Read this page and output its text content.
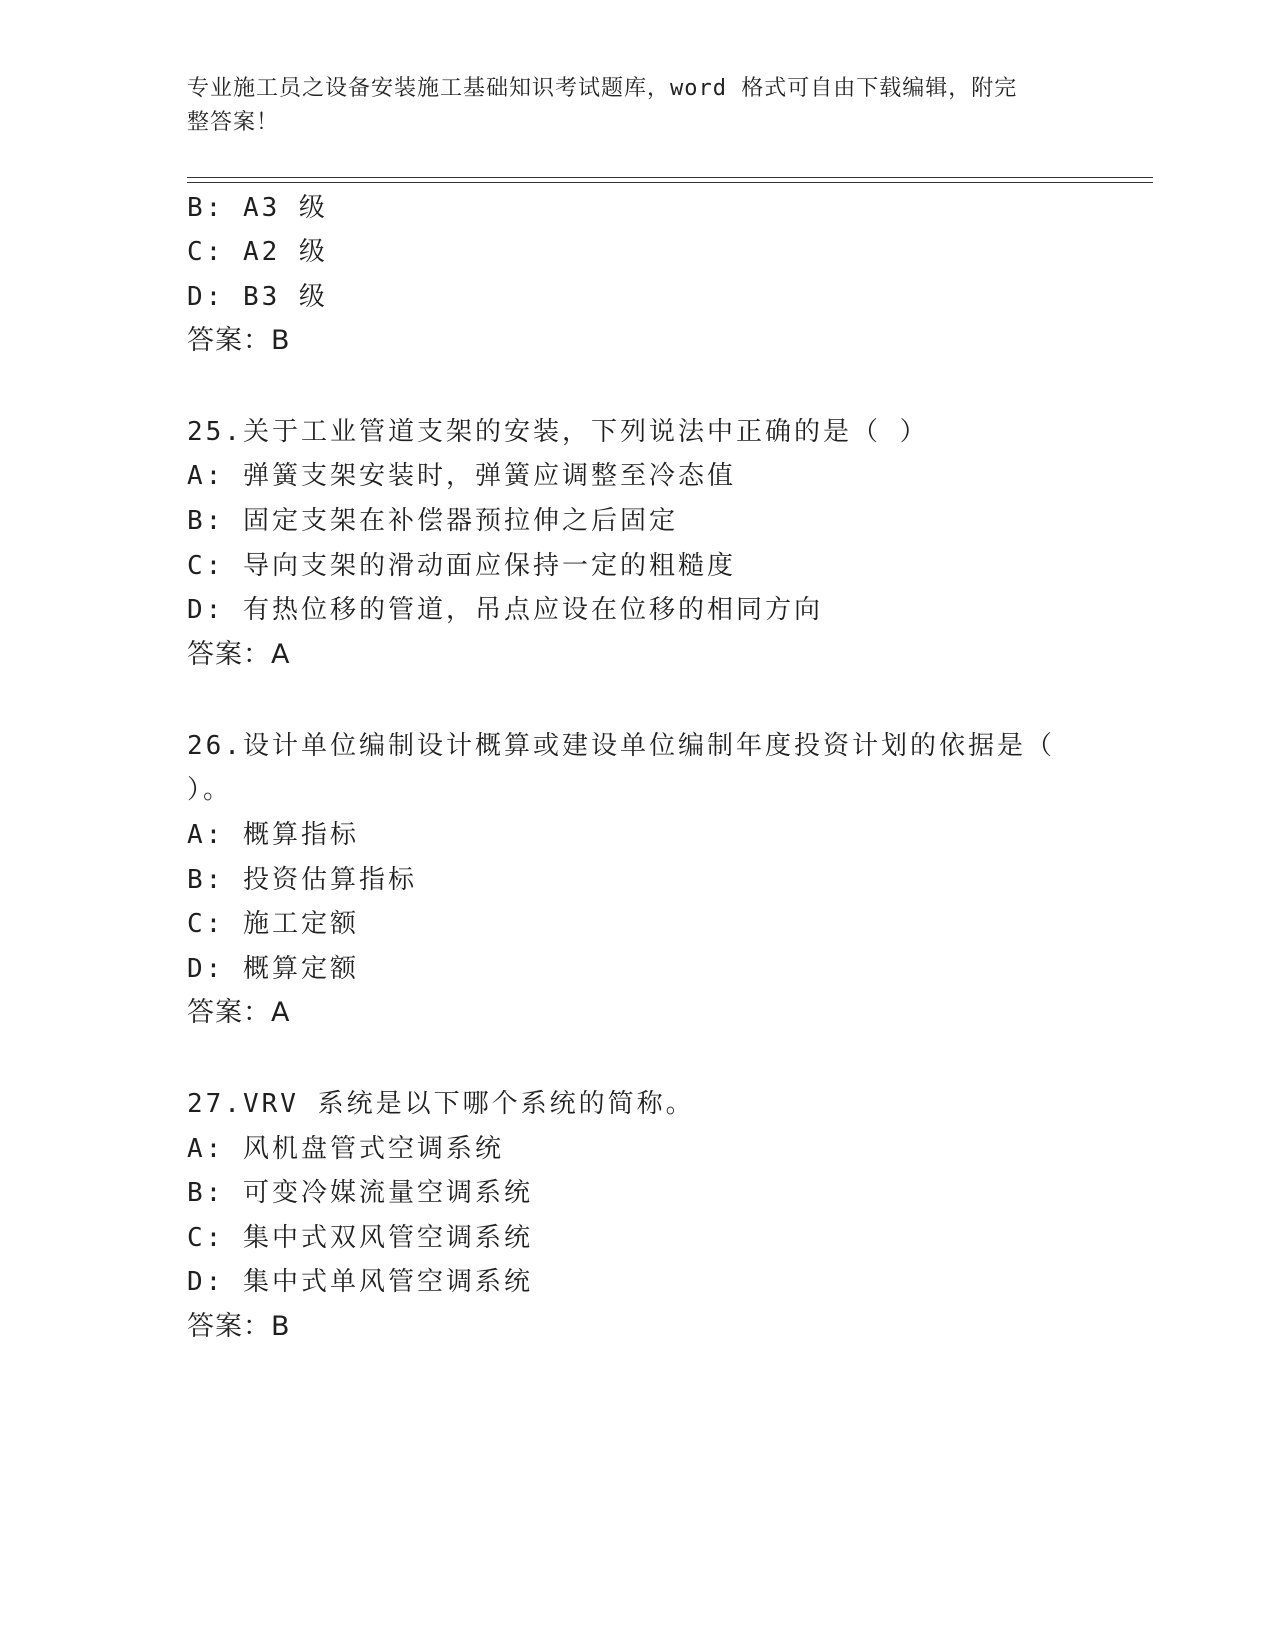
专业施工员之设备安装施工基础知识考试题库，word 格式可自由下载编辑，附完
整答案！
B: A3 级
C: A2 级
D: B3 级
答案：B
25.关于工业管道支架的安装，下列说法中正确的是（ ）
A: 弹簧支架安装时，弹簧应调整至冷态值
B: 固定支架在补偿器预拉伸之后固定
C: 导向支架的滑动面应保持一定的粗糙度
D: 有热位移的管道，吊点应设在位移的相同方向
答案：A
26.设计单位编制设计概算或建设单位编制年度投资计划的依据是（
）。
A: 概算指标
B: 投资估算指标
C: 施工定额
D: 概算定额
答案：A
27.VRV 系统是以下哪个系统的简称。
A: 风机盘管式空调系统
B: 可变冷媒流量空调系统
C: 集中式双风管空调系统
D: 集中式单风管空调系统
答案：B
